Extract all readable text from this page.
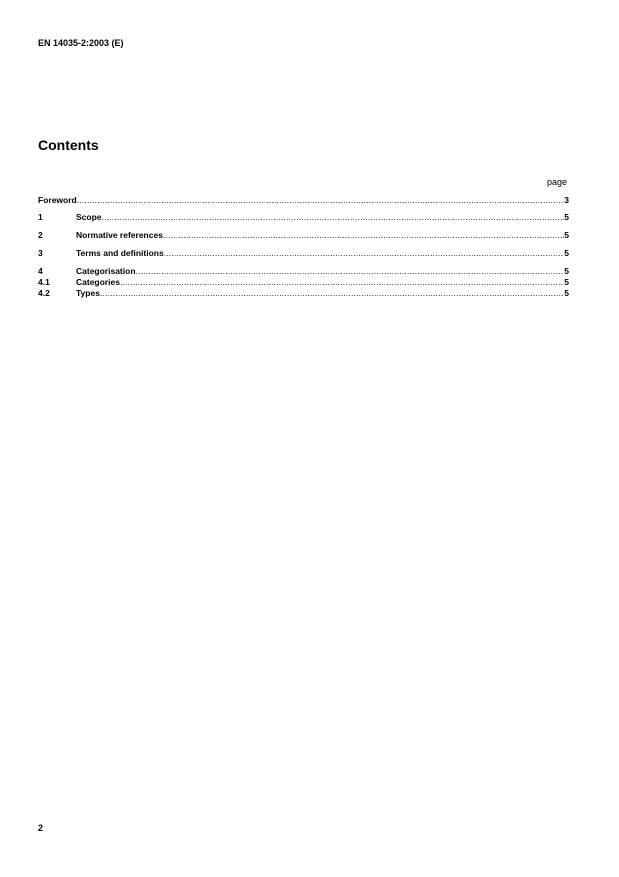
EN 14035-2:2003 (E)
Contents
page
Foreword .....	3
1	Scope .....	5
2	Normative references .....	5
3	Terms and definitions .....	5
4	Categorisation .....	5
4.1	Categories .....	5
4.2	Types .....	5
2
